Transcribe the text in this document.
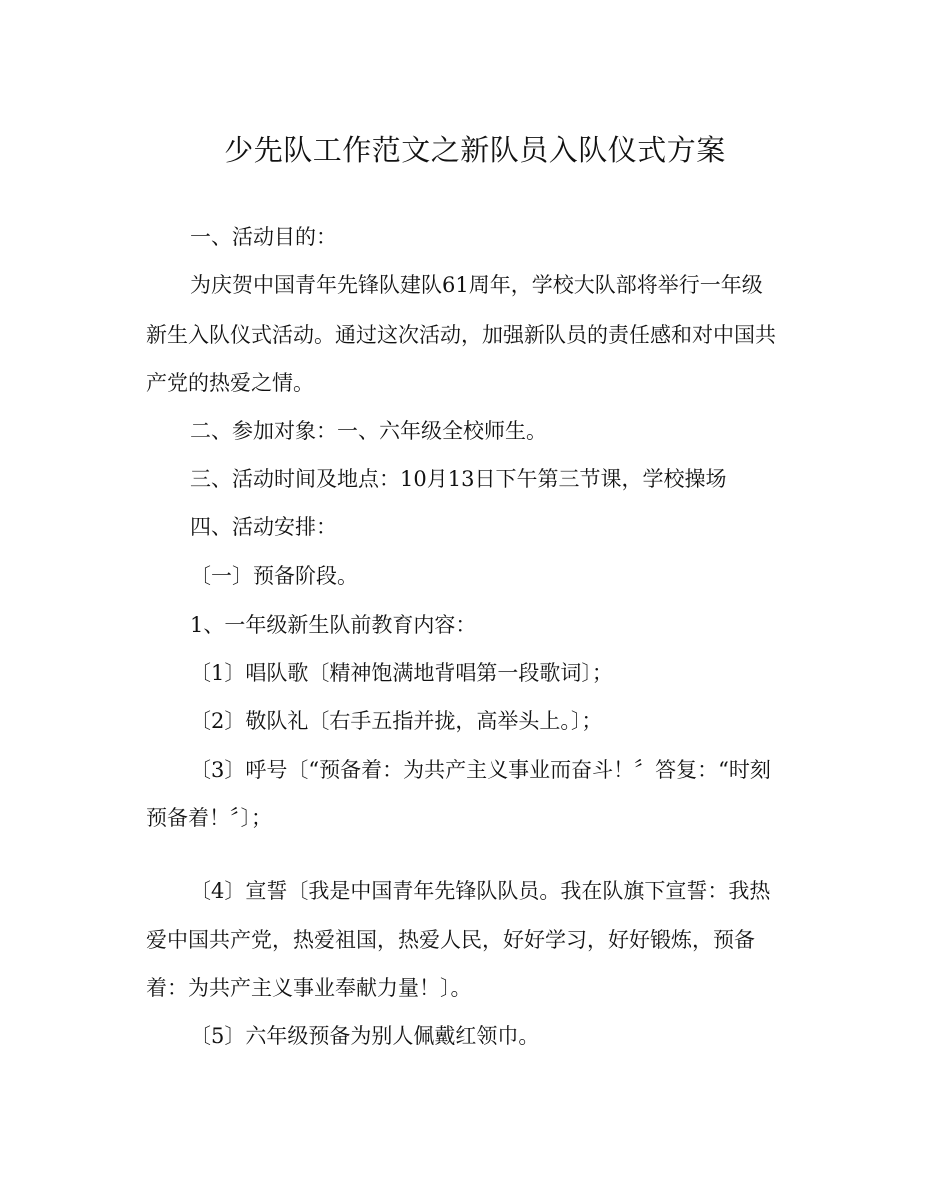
少先队工作范文之新队员入队仪式方案
一、活动目的：
为庆贺中国青年先锋队建队61周年，学校大队部将举行一年级
新生入队仪式活动。通过这次活动，加强新队员的责任感和对中国共
产党的热爱之情。
二、参加对象：一、六年级全校师生。
三、活动时间及地点：10月13日下午第三节课，学校操场
四、活动安排：
〔一〕预备阶段。
1、一年级新生队前教育内容：
〔1〕唱队歌〔精神饱满地背唱第一段歌词〕；
〔2〕敬队礼〔右手五指并拢，高举头上。〕；
〔3〕呼号〔“预备着：为共产主义事业而奋斗！〞答复：“时刻
预备着！〞〕；
〔4〕宣誓〔我是中国青年先锋队队员。我在队旗下宣誓：我热
爱中国共产党，热爱祖国，热爱人民，好好学习，好好锻炼，预备
着：为共产主义事业奉献力量！〕。
〔5〕六年级预备为别人佩戴红领巾。
